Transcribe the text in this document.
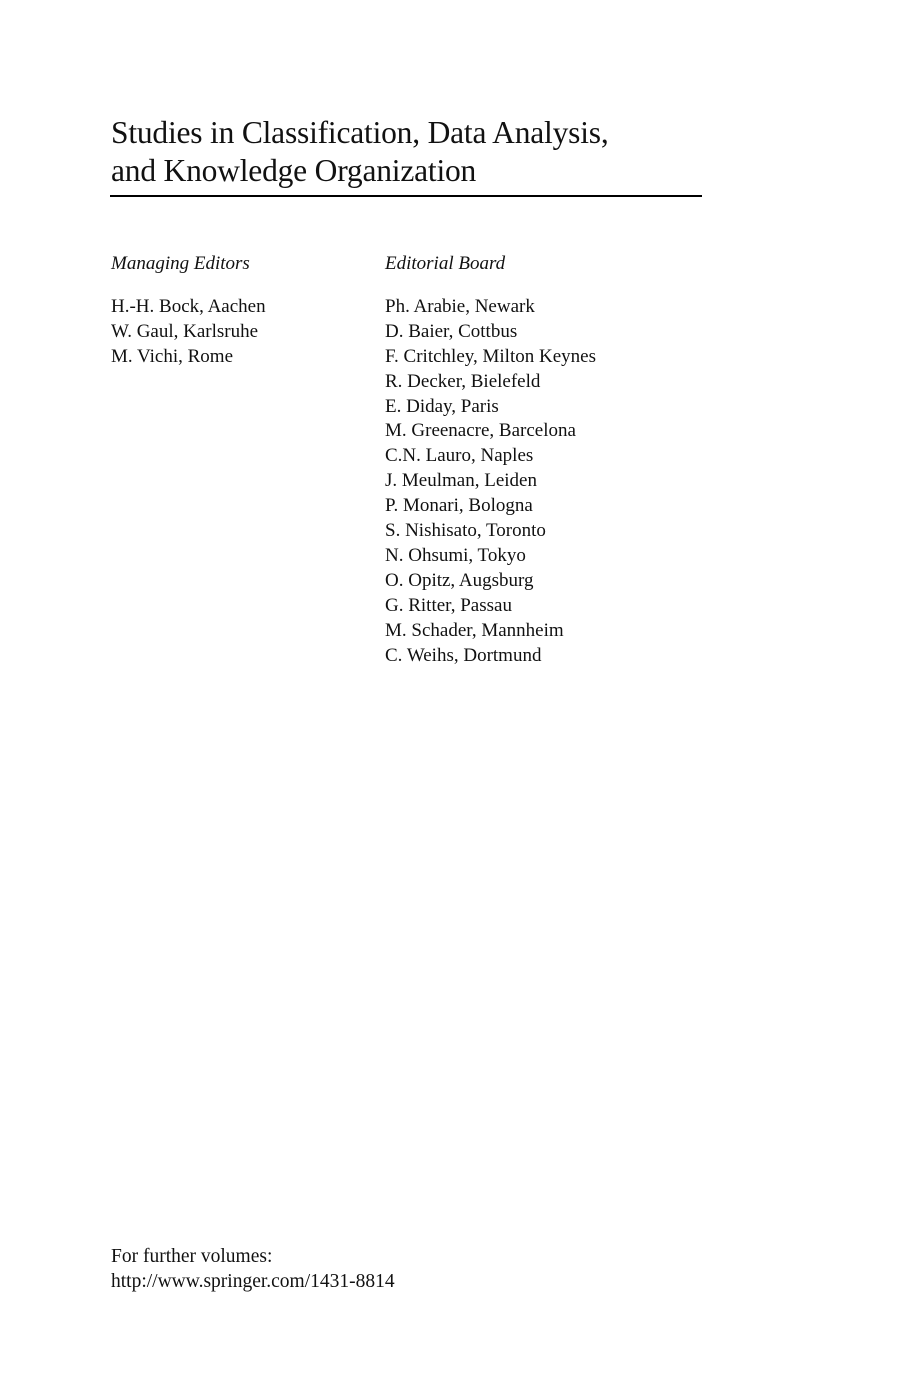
Studies in Classification, Data Analysis,
and Knowledge Organization
Managing Editors
H.-H. Bock, Aachen
W. Gaul, Karlsruhe
M. Vichi, Rome
Editorial Board
Ph. Arabie, Newark
D. Baier, Cottbus
F. Critchley, Milton Keynes
R. Decker, Bielefeld
E. Diday, Paris
M. Greenacre, Barcelona
C.N. Lauro, Naples
J. Meulman, Leiden
P. Monari, Bologna
S. Nishisato, Toronto
N. Ohsumi, Tokyo
O. Opitz, Augsburg
G. Ritter, Passau
M. Schader, Mannheim
C. Weihs, Dortmund
For further volumes:
http://www.springer.com/1431-8814
